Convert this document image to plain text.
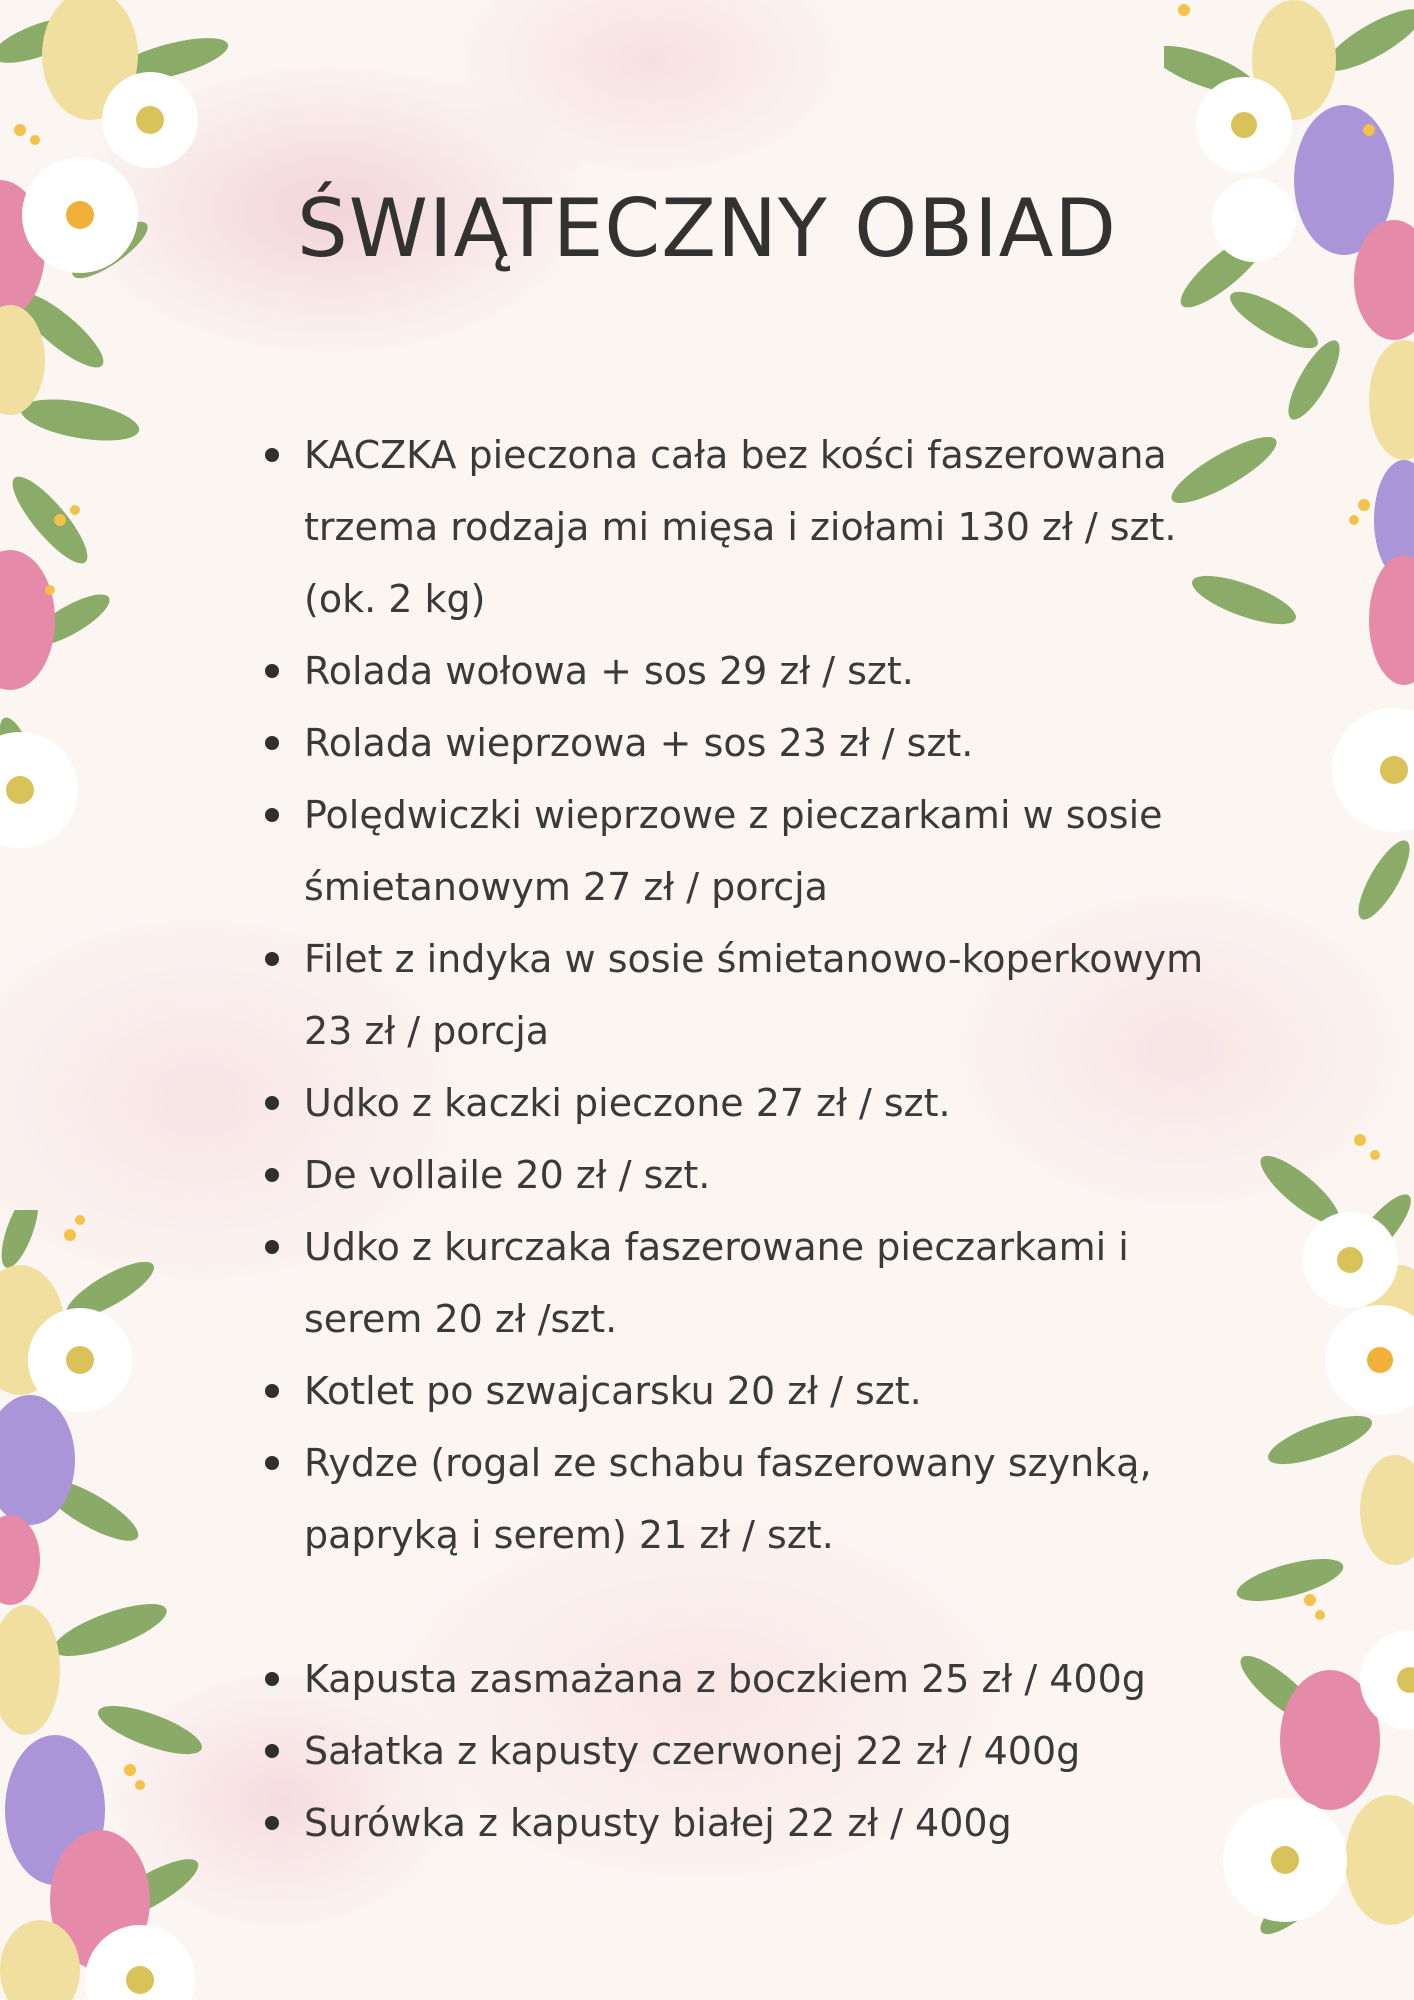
ŚWIĄTECZNY OBIAD
KACZKA pieczona cała bez kości faszerowana trzema rodzaja mi mięsa i ziołami 130 zł / szt. (ok. 2 kg)
Rolada wołowa + sos 29 zł / szt.
Rolada wieprzowa + sos 23 zł / szt.
Polędwiczki wieprzowe z pieczarkami w sosie śmietanowym 27 zł / porcja
Filet z indyka w sosie śmietanowo-koperkowym 23 zł / porcja
Udko z kaczki pieczone 27 zł / szt.
De vollaile 20 zł / szt.
Udko z kurczaka faszerowane pieczarkami i serem 20 zł /szt.
Kotlet po szwajcarsku 20 zł / szt.
Rydze (rogal ze schabu faszerowany szynką, papryką i serem) 21 zł / szt.
Kapusta zasmażana z boczkiem 25 zł / 400g
Sałatka z kapusty czerwonej 22 zł / 400g
Surówka z kapusty białej 22 zł / 400g
